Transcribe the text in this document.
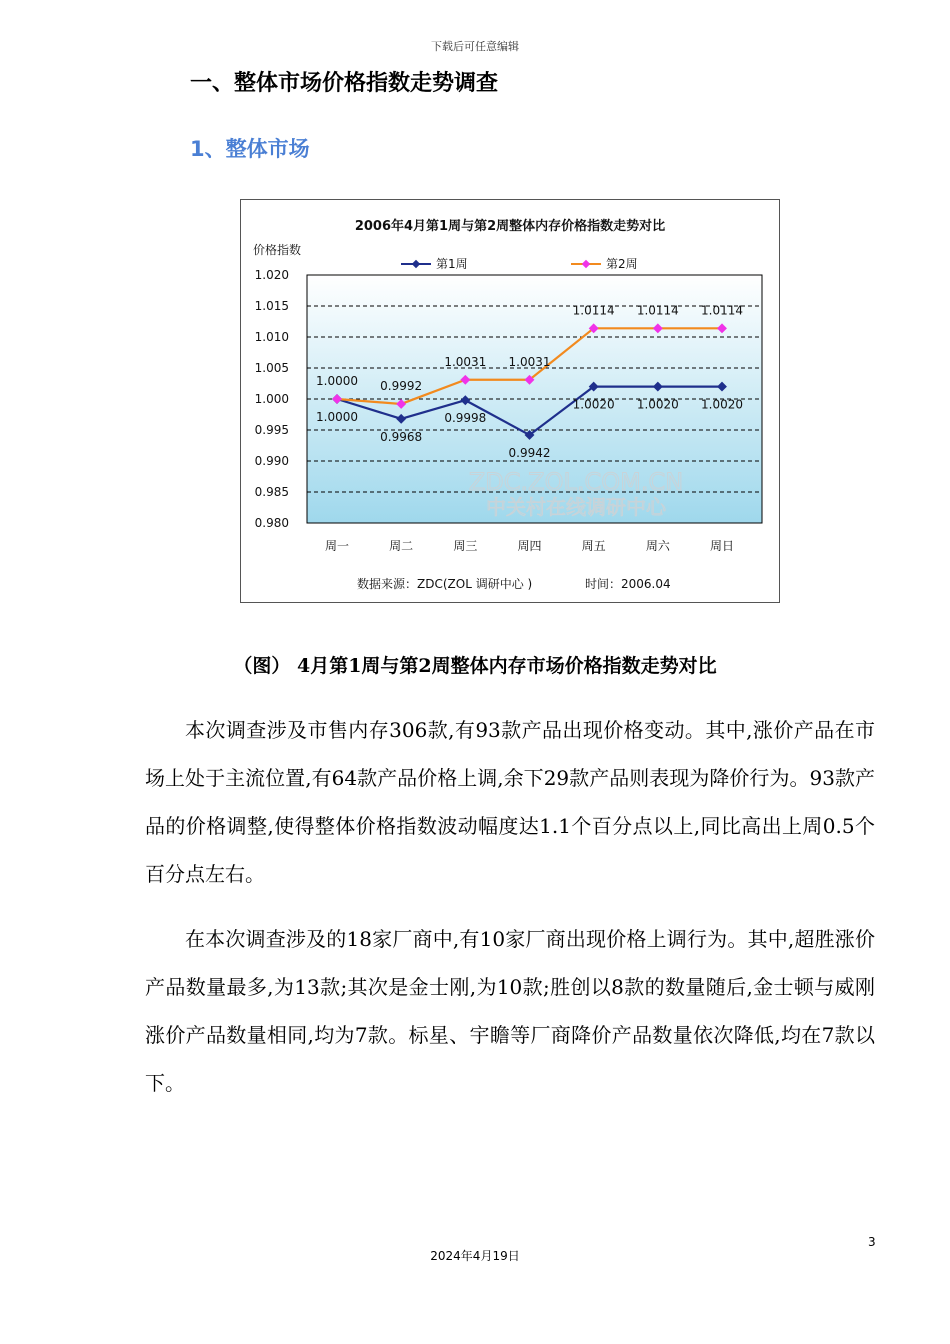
下载后可任意编辑
一、整体市场价格指数走势调查
1、整体市场
2006年4月第1周与第2周整体内存价格指数走势对比
价格指数
第1周	第2周
1.020
1.015
1.010
1.005
1.000
0.995
0.990
0.985
0.980
周一	周二	周三	周四	周五	周六	周日
ZDC.ZOL.COM.CN
中关村在线调研中心
1.0000
0.9968
0.9998
0.9942
1.0020 1.0020 1.0020
1.0000 0.9992
1.0031 1.0031
1.0114 1.0114 1.0114
数据来源：ZDC(ZOL 调研中心 )	时间：2006.04
（图） 4月第1周与第2周整体内存市场价格指数走势对比

本次调查涉及市售内存306款,有93款产品出现价格变动。其中,涨价产品在市场上处于主流位置,有64款产品价格上调,余下29款产品则表现为降价行为。93款产品的价格调整,使得整体价格指数波动幅度达1.1个百分点以上,同比高出上周0.5个百分点左右。

在本次调查涉及的18家厂商中,有10家厂商出现价格上调行为。其中,超胜涨价产品数量最多,为13款;其次是金士刚,为10款;胜创以8款的数量随后,金士顿与威刚涨价产品数量相同,均为7款。标星、宇瞻等厂商降价产品数量依次降低,均在7款以下。

3
2024年4月19日
